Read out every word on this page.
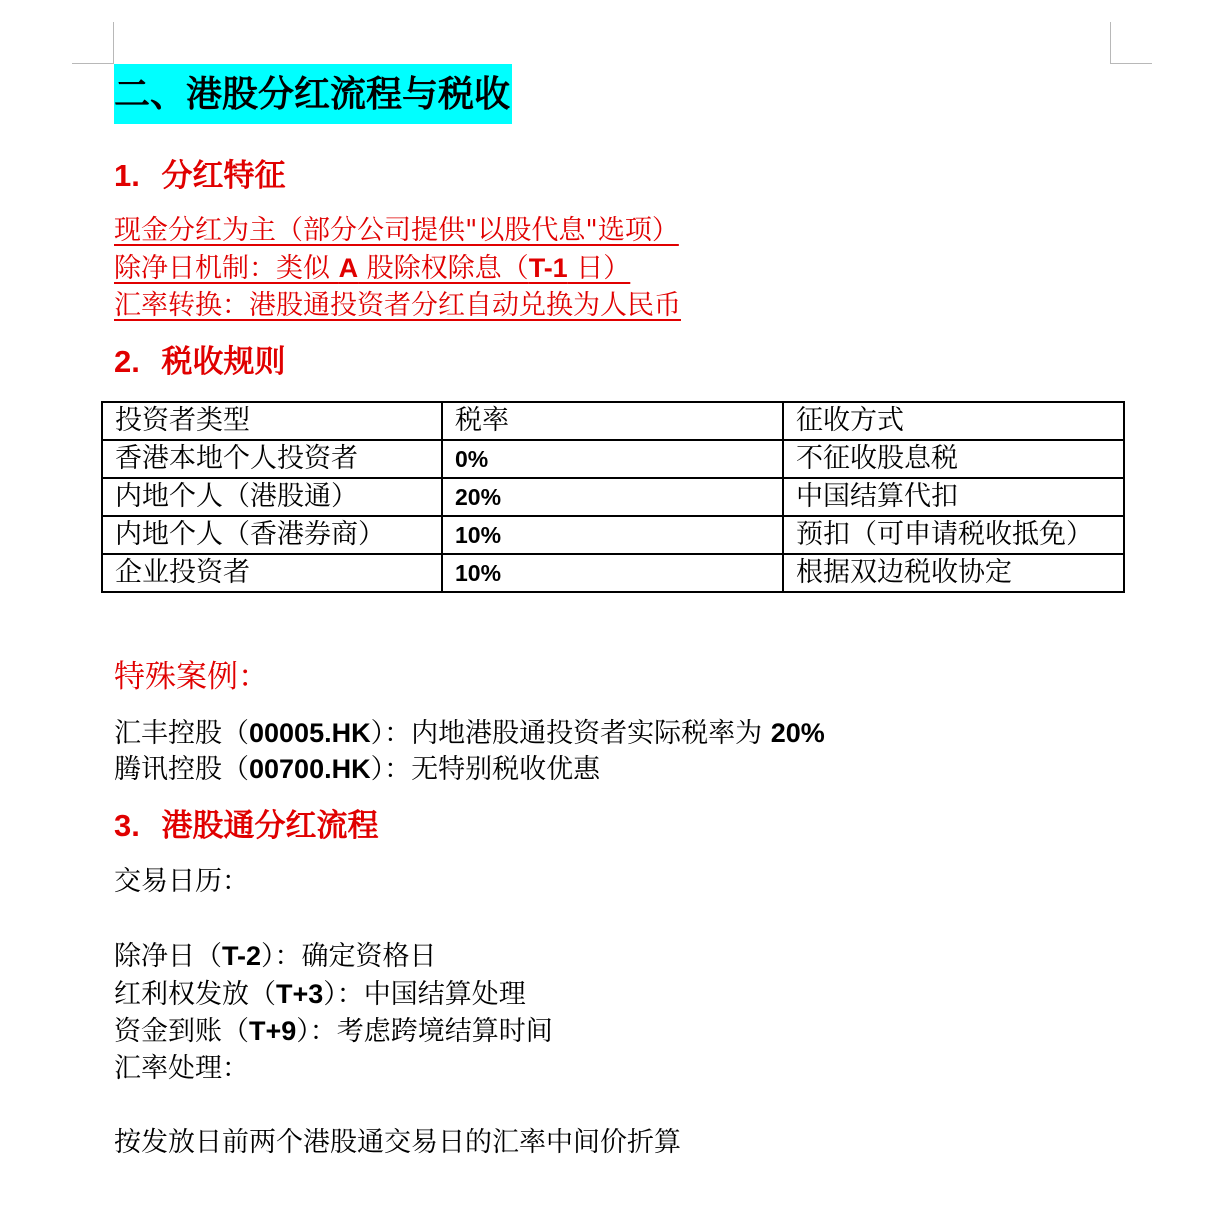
二、港股分红流程与税收
1. 分红特征
现金分红为主（部分公司提供"以股代息"选项）
除净日机制：类似 A 股除权除息（T-1 日）
汇率转换：港股通投资者分红自动兑换为人民币
2. 税收规则
投资者类型	税率	征收方式
香港本地个人投资者	0%	不征收股息税
内地个人（港股通）	20%	中国结算代扣
内地个人（香港券商）	10%	预扣（可申请税收抵免）
企业投资者	10%	根据双边税收协定
特殊案例：
汇丰控股（00005.HK）：内地港股通投资者实际税率为 20%
腾讯控股（00700.HK）：无特别税收优惠
3. 港股通分红流程
交易日历：
除净日（T-2）：确定资格日
红利权发放（T+3）：中国结算处理
资金到账（T+9）：考虑跨境结算时间
汇率处理：
按发放日前两个港股通交易日的汇率中间价折算
